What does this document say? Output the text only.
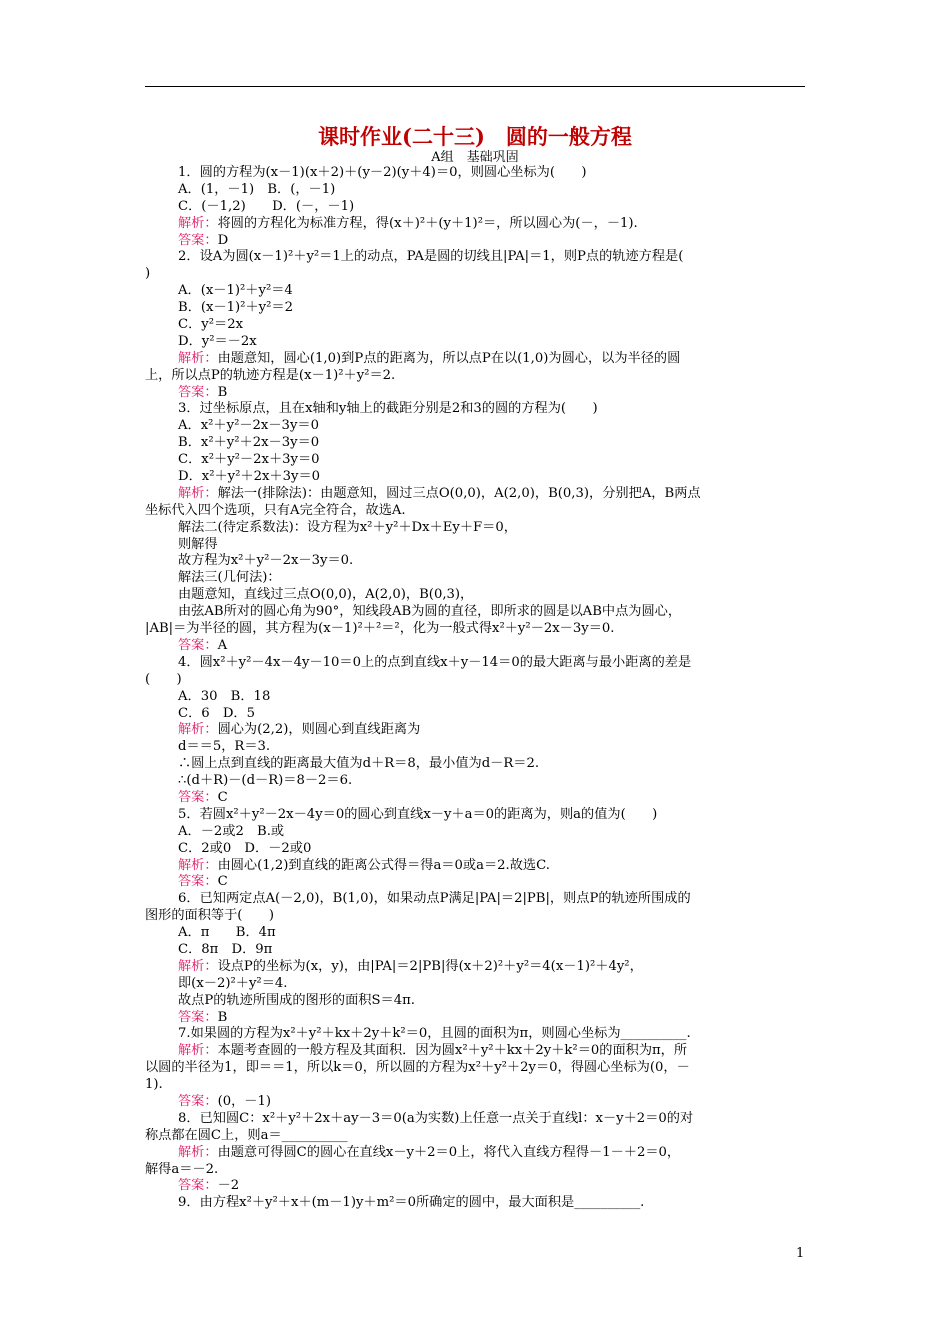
课时作业(二十三)　圆的一般方程
A组　基础巩固
1．圆的方程为(x－1)(x＋2)＋(y－2)(y＋4)＝0，则圆心坐标为(　　)
A．(1，－1)　B．(，－1)
C．(－1,2)　　D．(－，－1)
解析：将圆的方程化为标准方程，得(x＋)²＋(y＋1)²＝，所以圆心为(－，－1).
答案：D
2．设A为圆(x－1)²＋y²＝1上的动点，PA是圆的切线且|PA|＝1，则P点的轨迹方程是(
)
A．(x－1)²＋y²＝4
B．(x－1)²＋y²＝2
C．y²＝2x
D．y²＝－2x
解析：由题意知，圆心(1,0)到P点的距离为，所以点P在以(1,0)为圆心，以为半径的圆
上，所以点P的轨迹方程是(x－1)²＋y²＝2.
答案：B
3．过坐标原点，且在x轴和y轴上的截距分别是2和3的圆的方程为(　　)
A．x²＋y²－2x－3y＝0
B．x²＋y²＋2x－3y＝0
C．x²＋y²－2x＋3y＝0
D．x²＋y²＋2x＋3y＝0
解析：解法一(排除法)：由题意知，圆过三点O(0,0)，A(2,0)，B(0,3)，分别把A，B两点
坐标代入四个选项，只有A完全符合，故选A.
解法二(待定系数法)：设方程为x²＋y²＋Dx＋Ey＋F＝0，
则解得
故方程为x²＋y²－2x－3y＝0.
解法三(几何法)：
由题意知，直线过三点O(0,0)，A(2,0)，B(0,3)，
由弦AB所对的圆心角为90°，知线段AB为圆的直径，即所求的圆是以AB中点为圆心，
|AB|＝为半径的圆，其方程为(x－1)²＋²＝²，化为一般式得x²＋y²－2x－3y＝0.
答案：A
4．圆x²＋y²－4x－4y－10＝0上的点到直线x＋y－14＝0的最大距离与最小距离的差是
(　　)
A．30　B．18
C．6　D．5
解析：圆心为(2,2)，则圆心到直线距离为
d＝＝5，R＝3.
∴圆上点到直线的距离最大值为d＋R＝8，最小值为d－R＝2.
∴(d＋R)－(d－R)＝8－2＝6.
答案：C
5．若圆x²＋y²－2x－4y＝0的圆心到直线x－y＋a＝0的距离为，则a的值为(　　)
A．－2或2　B.或
C．2或0　D．－2或0
解析：由圆心(1,2)到直线的距离公式得＝得a＝0或a＝2.故选C.
答案：C
6．已知两定点A(－2,0)，B(1,0)，如果动点P满足|PA|＝2|PB|，则点P的轨迹所围成的
图形的面积等于(　　)
A．π　　B．4π
C．8π　D．9π
解析：设点P的坐标为(x，y)，由|PA|＝2|PB|得(x＋2)²＋y²＝4(x－1)²＋4y²，
即(x－2)²＋y²＝4.
故点P的轨迹所围成的图形的面积S＝4π.
答案：B
7.如果圆的方程为x²＋y²＋kx＋2y＋k²＝0，且圆的面积为π，则圆心坐标为__________.
解析：本题考查圆的一般方程及其面积．因为圆x²＋y²＋kx＋2y＋k²＝0的面积为π，所
以圆的半径为1，即＝＝1，所以k＝0，所以圆的方程为x²＋y²＋2y＝0，得圆心坐标为(0，－
1).
答案：(0，－1)
8．已知圆C：x²＋y²＋2x＋ay－3＝0(a为实数)上任意一点关于直线l：x－y＋2＝0的对
称点都在圆C上，则a＝__________
解析：由题意可得圆C的圆心在直线x－y＋2＝0上，将代入直线方程得－1－＋2＝0，
解得a＝－2.
答案：－2
9．由方程x²＋y²＋x＋(m－1)y＋m²＝0所确定的圆中，最大面积是__________.
1
